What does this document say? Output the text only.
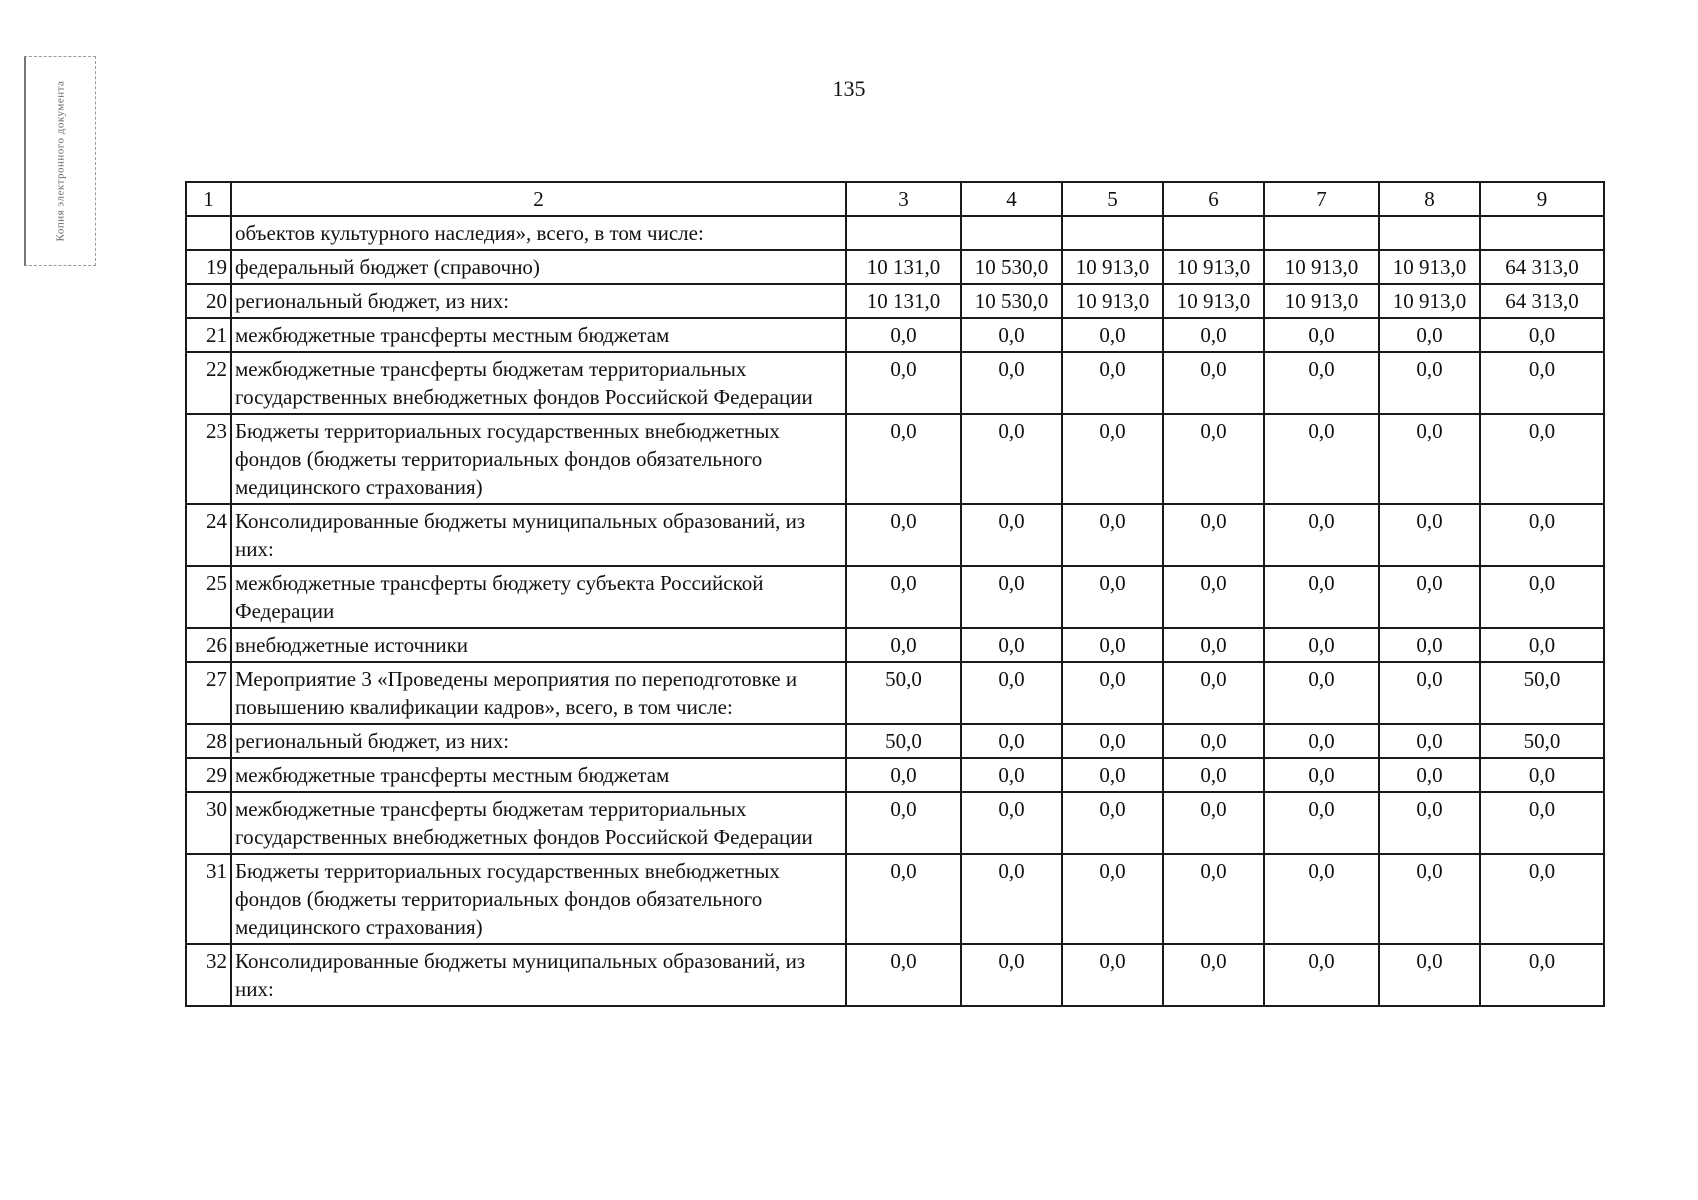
Копия электронного документа	135
1	2	3	4	5	6	7	8	9
	объектов культурного наследия», всего, в том числе:							
19	федеральный бюджет (справочно)	10 131,0	10 530,0	10 913,0	10 913,0	10 913,0	10 913,0	64 313,0
20	региональный бюджет, из них:	10 131,0	10 530,0	10 913,0	10 913,0	10 913,0	10 913,0	64 313,0
21	межбюджетные трансферты местным бюджетам	0,0	0,0	0,0	0,0	0,0	0,0	0,0
22	межбюджетные трансферты бюджетам территориальных государственных внебюджетных фондов Российской Федерации	0,0	0,0	0,0	0,0	0,0	0,0	0,0
23	Бюджеты территориальных государственных внебюджетных фондов (бюджеты территориальных фондов обязательного медицинского страхования)	0,0	0,0	0,0	0,0	0,0	0,0	0,0
24	Консолидированные бюджеты муниципальных образований, из них:	0,0	0,0	0,0	0,0	0,0	0,0	0,0
25	межбюджетные трансферты бюджету субъекта Российской Федерации	0,0	0,0	0,0	0,0	0,0	0,0	0,0
26	внебюджетные источники	0,0	0,0	0,0	0,0	0,0	0,0	0,0
27	Мероприятие 3 «Проведены мероприятия по переподготовке и повышению квалификации кадров», всего, в том числе:	50,0	0,0	0,0	0,0	0,0	0,0	50,0
28	региональный бюджет, из них:	50,0	0,0	0,0	0,0	0,0	0,0	50,0
29	межбюджетные трансферты местным бюджетам	0,0	0,0	0,0	0,0	0,0	0,0	0,0
30	межбюджетные трансферты бюджетам территориальных государственных внебюджетных фондов Российской Федерации	0,0	0,0	0,0	0,0	0,0	0,0	0,0
31	Бюджеты территориальных государственных внебюджетных фондов (бюджеты территориальных фондов обязательного медицинского страхования)	0,0	0,0	0,0	0,0	0,0	0,0	0,0
32	Консолидированные бюджеты муниципальных образований, из них:	0,0	0,0	0,0	0,0	0,0	0,0	0,0
